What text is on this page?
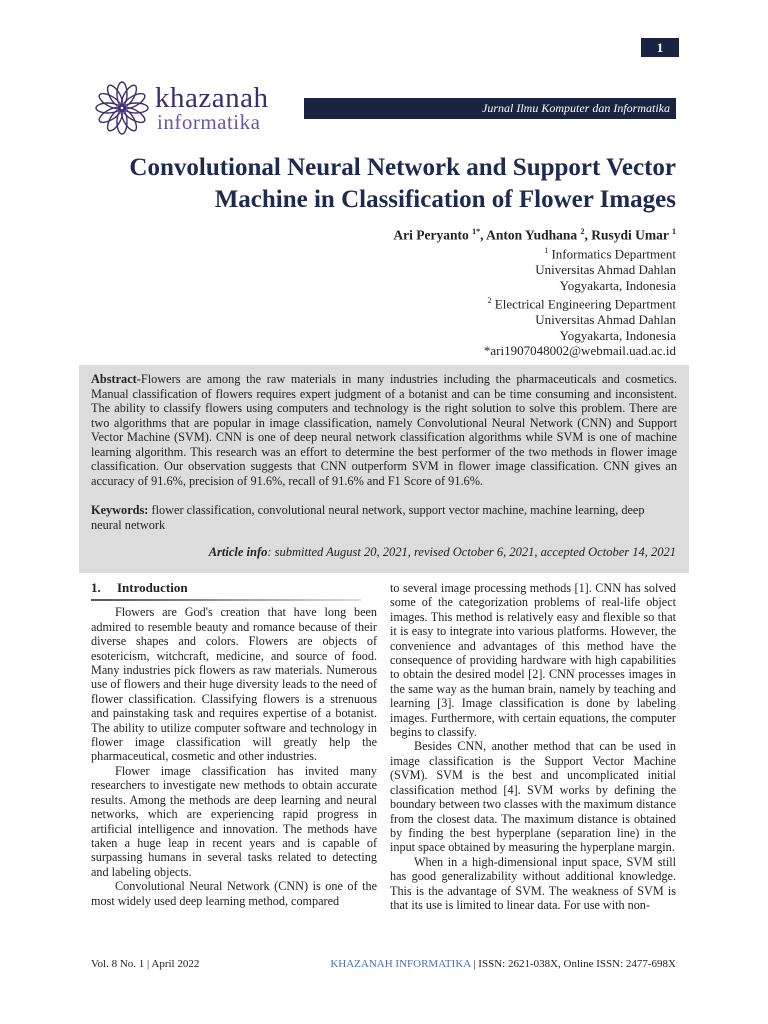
1
khazanah
informatika
Jurnal Ilmu Komputer dan Informatika
Convolutional Neural Network and Support Vector
Machine in Classification of Flower Images
Ari Peryanto $^{1*}$, Anton Yudhana $^2$, Rusydi Umar $^1$
$^1$ Informatics Department
Universitas Ahmad Dahlan
Yogyakarta, Indonesia
$^2$ Electrical Engineering Department
Universitas Ahmad Dahlan
Yogyakarta, Indonesia
*ari1907048002@webmail.uad.ac.id
Abstract-Flowers are among the raw materials in many industries including the pharmaceuticals and cosmetics. Manual classification of flowers requires expert judgment of a botanist and can be time consuming and inconsistent. The ability to classify flowers using computers and technology is the right solution to solve this problem. There are two algorithms that are popular in image classification, namely Convolutional Neural Network (CNN) and Support Vector Machine (SVM). CNN is one of deep neural network classification algorithms while SVM is one of machine learning algorithm. This research was an effort to determine the best performer of the two methods in flower image classification. Our observation suggests that CNN outperform SVM in flower image classification. CNN gives an accuracy of 91.6%, precision of 91.6%, recall of 91.6% and F1 Score of 91.6%.
Keywords: flower classification, convolutional neural network, support vector machine, machine learning, deep neural network
Article info: submitted August 20, 2021, revised October 6, 2021, accepted October 14, 2021
1. Introduction

Flowers are God's creation that have long been admired to resemble beauty and romance because of their diverse shapes and colors. Flowers are objects of esotericism, witchcraft, medicine, and source of food. Many industries pick flowers as raw materials. Numerous use of flowers and their huge diversity leads to the need of flower classification. Classifying flowers is a strenuous and painstaking task and requires expertise of a botanist. The ability to utilize computer software and technology in flower image classification will greatly help the pharmaceutical, cosmetic and other industries.

Flower image classification has invited many researchers to investigate new methods to obtain accurate results. Among the methods are deep learning and neural networks, which are experiencing rapid progress in artificial intelligence and innovation. The methods have taken a huge leap in recent years and is capable of surpassing humans in several tasks related to detecting and labeling objects.

Convolutional Neural Network (CNN) is one of the most widely used deep learning method, compared

to several image processing methods [1]. CNN has solved some of the categorization problems of real-life object images. This method is relatively easy and flexible so that it is easy to integrate into various platforms. However, the convenience and advantages of this method have the consequence of providing hardware with high capabilities to obtain the desired model [2]. CNN processes images in the same way as the human brain, namely by teaching and learning [3]. Image classification is done by labeling images. Furthermore, with certain equations, the computer begins to classify.

Besides CNN, another method that can be used in image classification is the Support Vector Machine (SVM). SVM is the best and uncomplicated initial classification method [4]. SVM works by defining the boundary between two classes with the maximum distance from the closest data. The maximum distance is obtained by finding the best hyperplane (separation line) in the input space obtained by measuring the hyperplane margin.

When in a high-dimensional input space, SVM still has good generalizability without additional knowledge. This is the advantage of SVM. The weakness of SVM is that its use is limited to linear data. For use with non-

Vol. 8 No. 1 | April 2022	KHAZANAH INFORMATIKA | ISSN: 2621-038X, Online ISSN: 2477-698X
